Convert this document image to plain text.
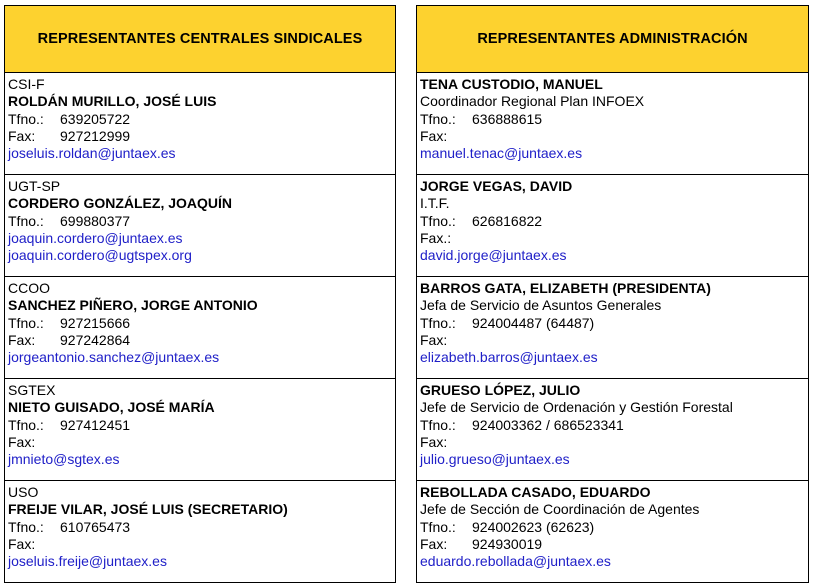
REPRESENTANTES CENTRALES SINDICALES
CSI-F
ROLDÁN MURILLO, JOSÉ LUIS
Tfno.:	639205722
Fax:	927212999
joseluis.roldan@juntaex.es
UGT-SP
CORDERO GONZÁLEZ, JOAQUÍN
Tfno.:	699880377
joaquin.cordero@juntaex.es
joaquin.cordero@ugtspex.org
CCOO
SANCHEZ PIÑERO, JORGE ANTONIO
Tfno.:	927215666
Fax:	927242864
jorgeantonio.sanchez@juntaex.es
SGTEX
NIETO GUISADO, JOSÉ MARÍA
Tfno.:	927412451
Fax:
jmnieto@sgtex.es
USO
FREIJE VILAR, JOSÉ LUIS (SECRETARIO)
Tfno.:	610765473
Fax:
joseluis.freije@juntaex.es
REPRESENTANTES ADMINISTRACIÓN
TENA CUSTODIO, MANUEL
Coordinador Regional Plan INFOEX
Tfno.:	636888615
Fax:
manuel.tenac@juntaex.es
JORGE VEGAS, DAVID
I.T.F.
Tfno.:	626816822
Fax.:
david.jorge@juntaex.es
BARROS GATA, ELIZABETH (PRESIDENTA)
Jefa de Servicio de Asuntos Generales
Tfno.:	924004487 (64487)
Fax:
elizabeth.barros@juntaex.es
GRUESO LÓPEZ, JULIO
Jefe de Servicio de Ordenación y Gestión Forestal
Tfno.:	924003362 / 686523341
Fax:
julio.grueso@juntaex.es
REBOLLADA CASADO, EDUARDO
Jefe de Sección de Coordinación de Agentes
Tfno.:	924002623 (62623)
Fax:	924930019
eduardo.rebollada@juntaex.es
